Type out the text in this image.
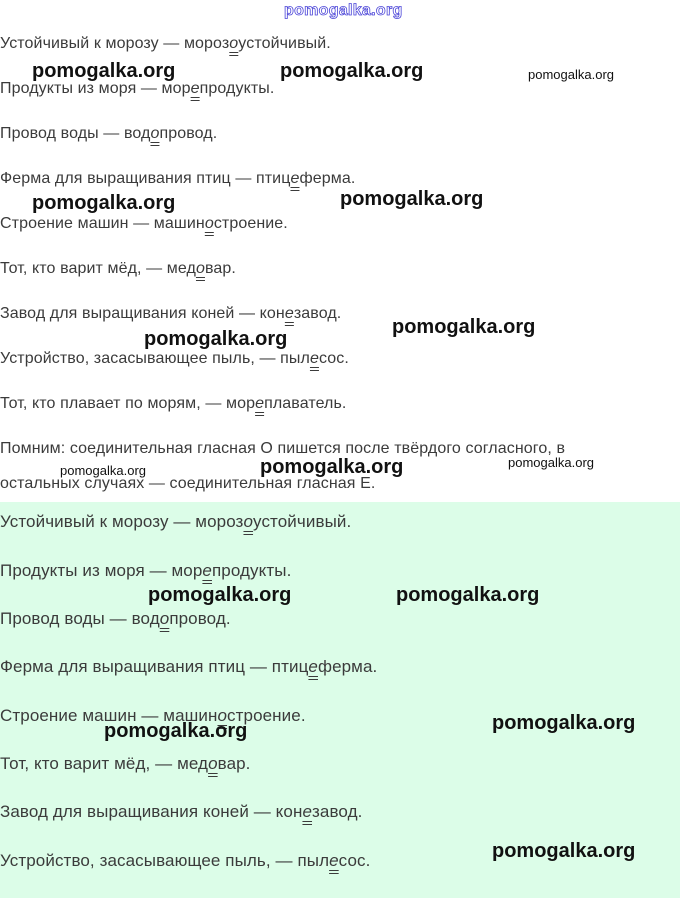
pomogalka.org
Устойчивый к морозу — морозоустойчивый.
Продукты из моря — морепродукты.
Провод воды — водопровод.
Ферма для выращивания птиц — птицеферма.
Строение машин — машиностроение.
Тот, кто варит мёд, — медовар.
Завод для выращивания коней — конезавод.
Устройство, засасывающее пыль, — пылесос.
Тот, кто плавает по морям, — мореплаватель.
Помним: соединительная гласная О пишется после твёрдого согласного, в
остальных случаях — соединительная гласная Е.
Устойчивый к морозу — морозоустойчивый.
Продукты из моря — морепродукты.
Провод воды — водопровод.
Ферма для выращивания птиц — птицеферма.
Строение машин — машиностроение.
Тот, кто варит мёд, — медовар.
Завод для выращивания коней — конезавод.
Устройство, засасывающее пыль, — пылесос.
pomogalka.org	pomogalka.org	pomogalka.org
pomogalka.org	pomogalka.org
pomogalka.org
pomogalka.org
pomogalka.org	pomogalka.org	pomogalka.org
pomogalka.org	pomogalka.org
pomogalka.org	pomogalka.org
pomogalka.org
